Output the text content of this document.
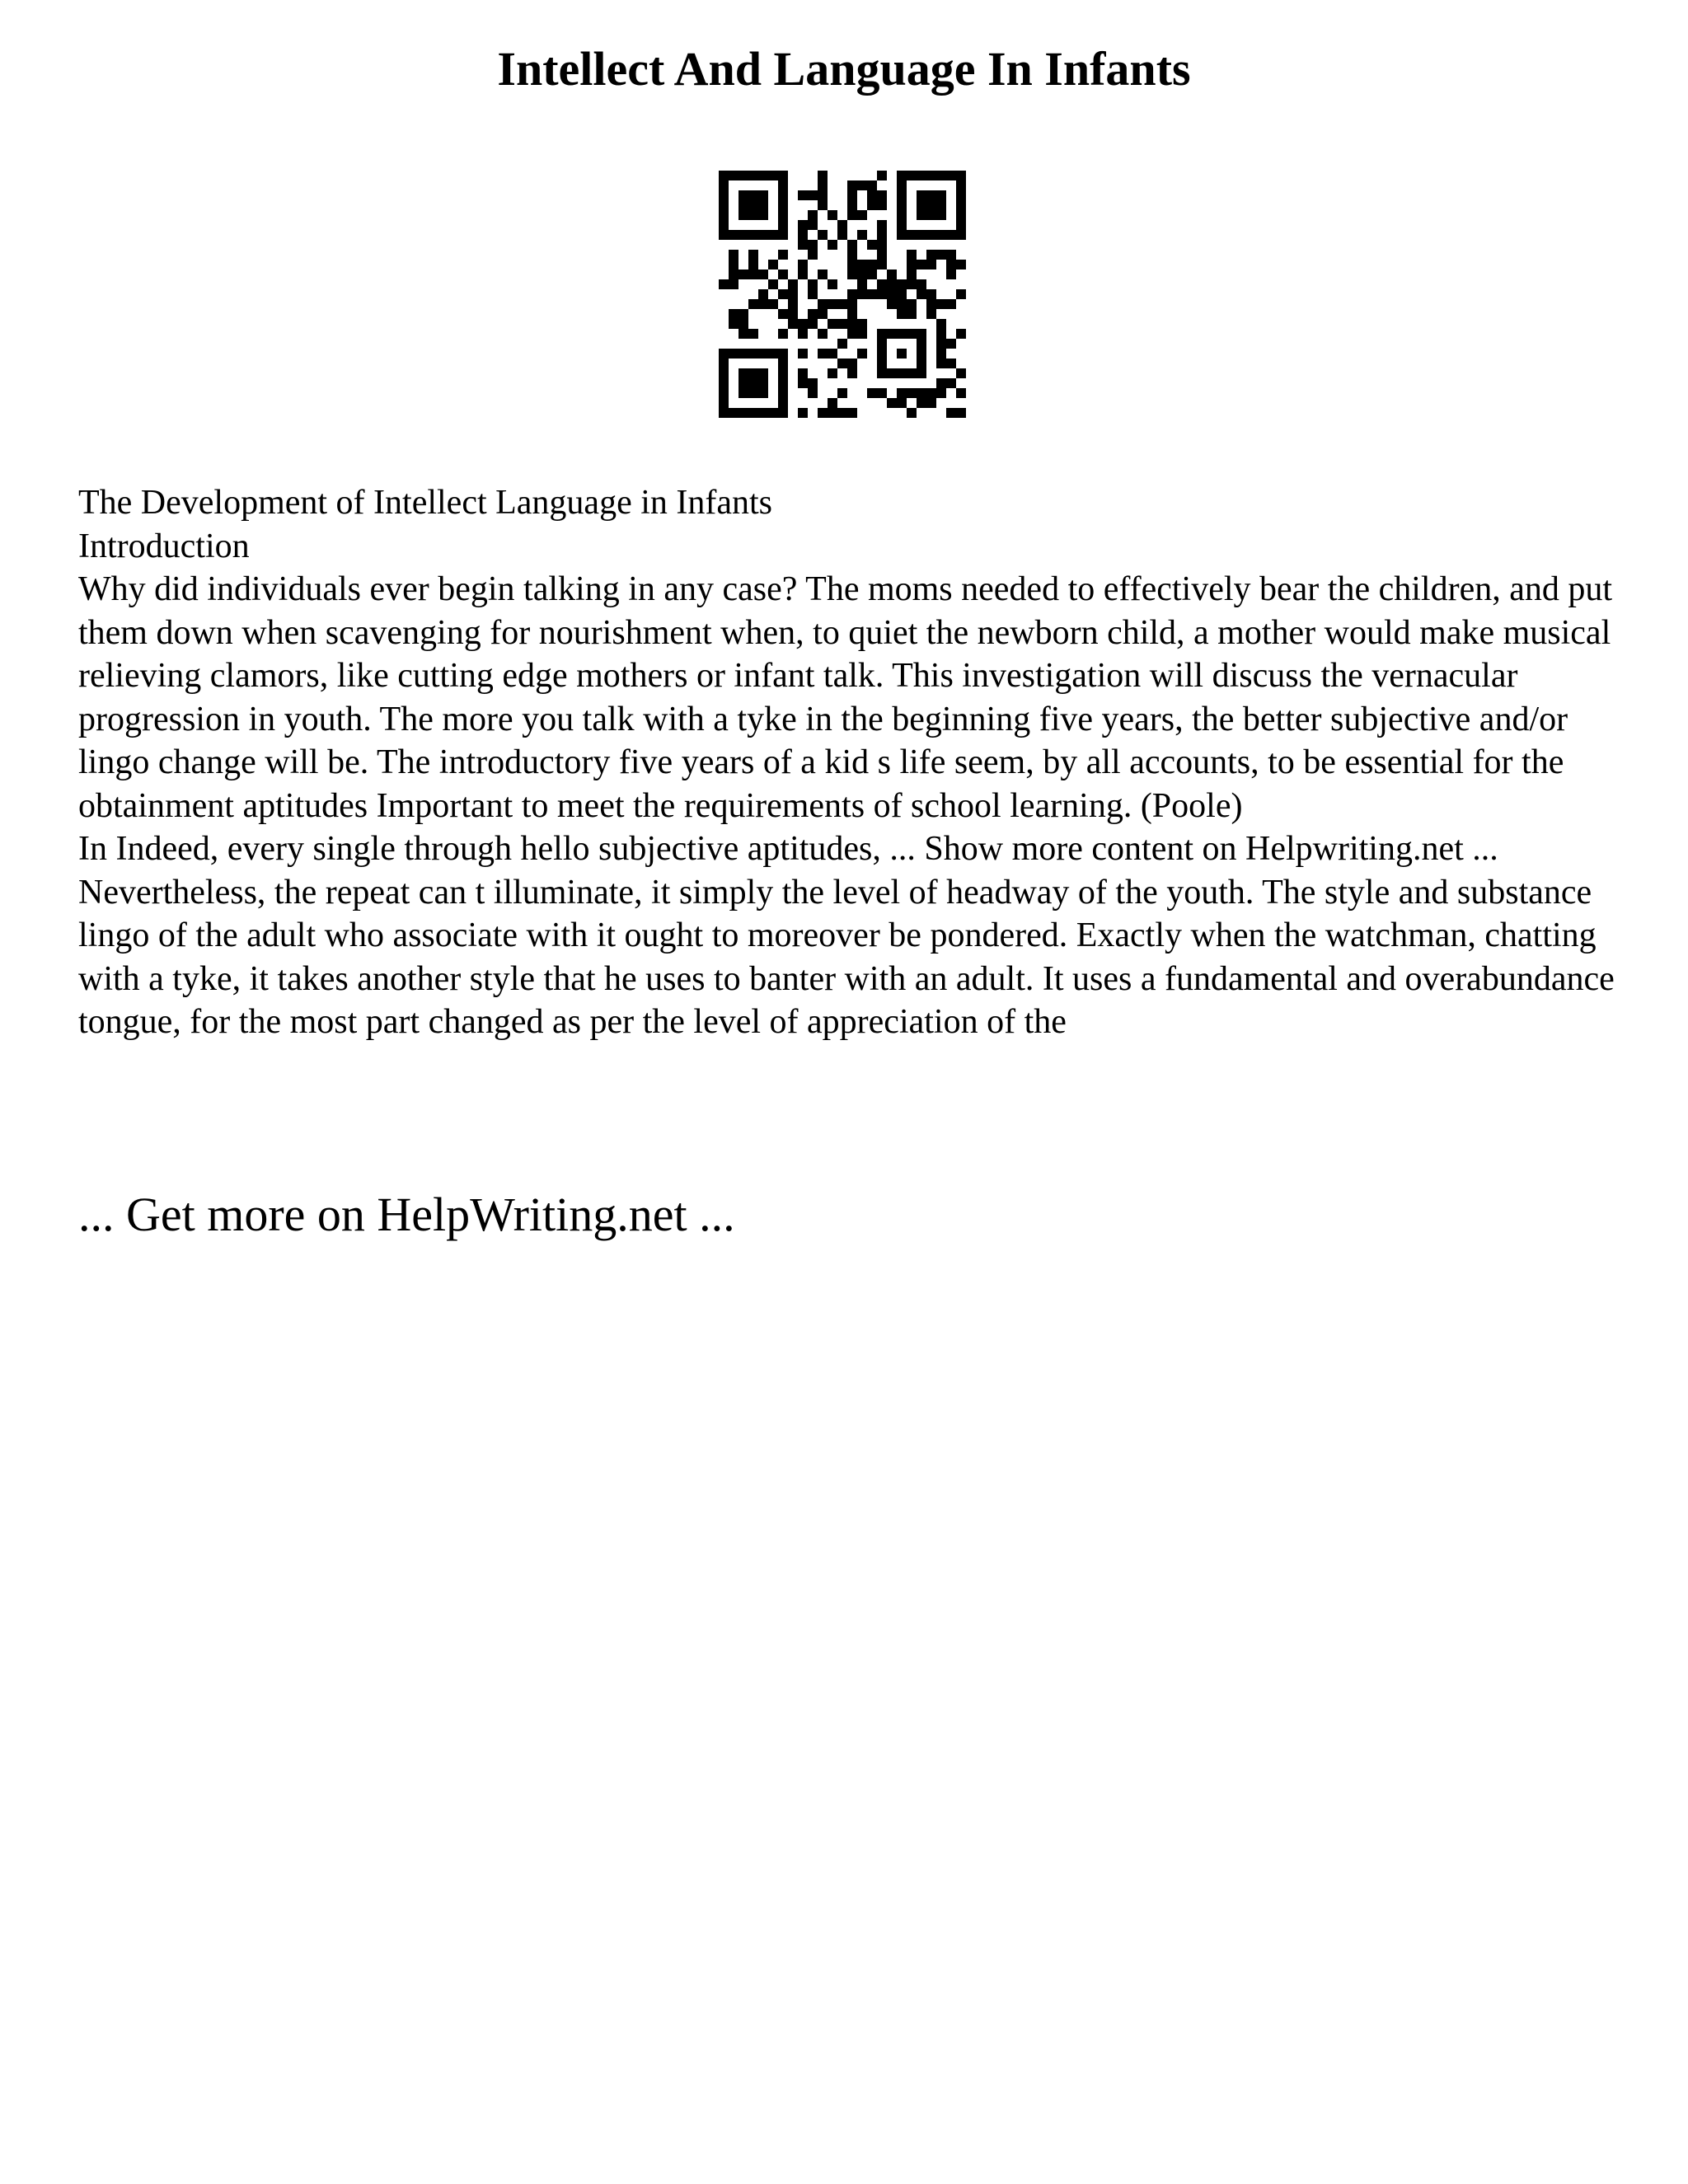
Intellect And Language In Infants

The Development of Intellect Language in Infants

Introduction

Why did individuals ever begin talking in any case? The moms needed to effectively bear the children, and put them down when scavenging for nourishment when, to quiet the newborn child, a mother would make musical relieving clamors, like cutting edge mothers or infant talk. This investigation will discuss the vernacular progression in youth. The more you talk with a tyke in the beginning five years, the better subjective and/or lingo change will be. The introductory five years of a kid s life seem, by all accounts, to be essential for the obtainment aptitudes Important to meet the requirements of school learning. (Poole)

In Indeed, every single through hello subjective aptitudes, ... Show more content on Helpwriting.net ...

Nevertheless, the repeat can t illuminate, it simply the level of headway of the youth. The style and substance lingo of the adult who associate with it ought to moreover be pondered. Exactly when the watchman, chatting with a tyke, it takes another style that he uses to banter with an adult. It uses a fundamental and overabundance tongue, for the most part changed as per the level of appreciation of the

... Get more on HelpWriting.net ...
